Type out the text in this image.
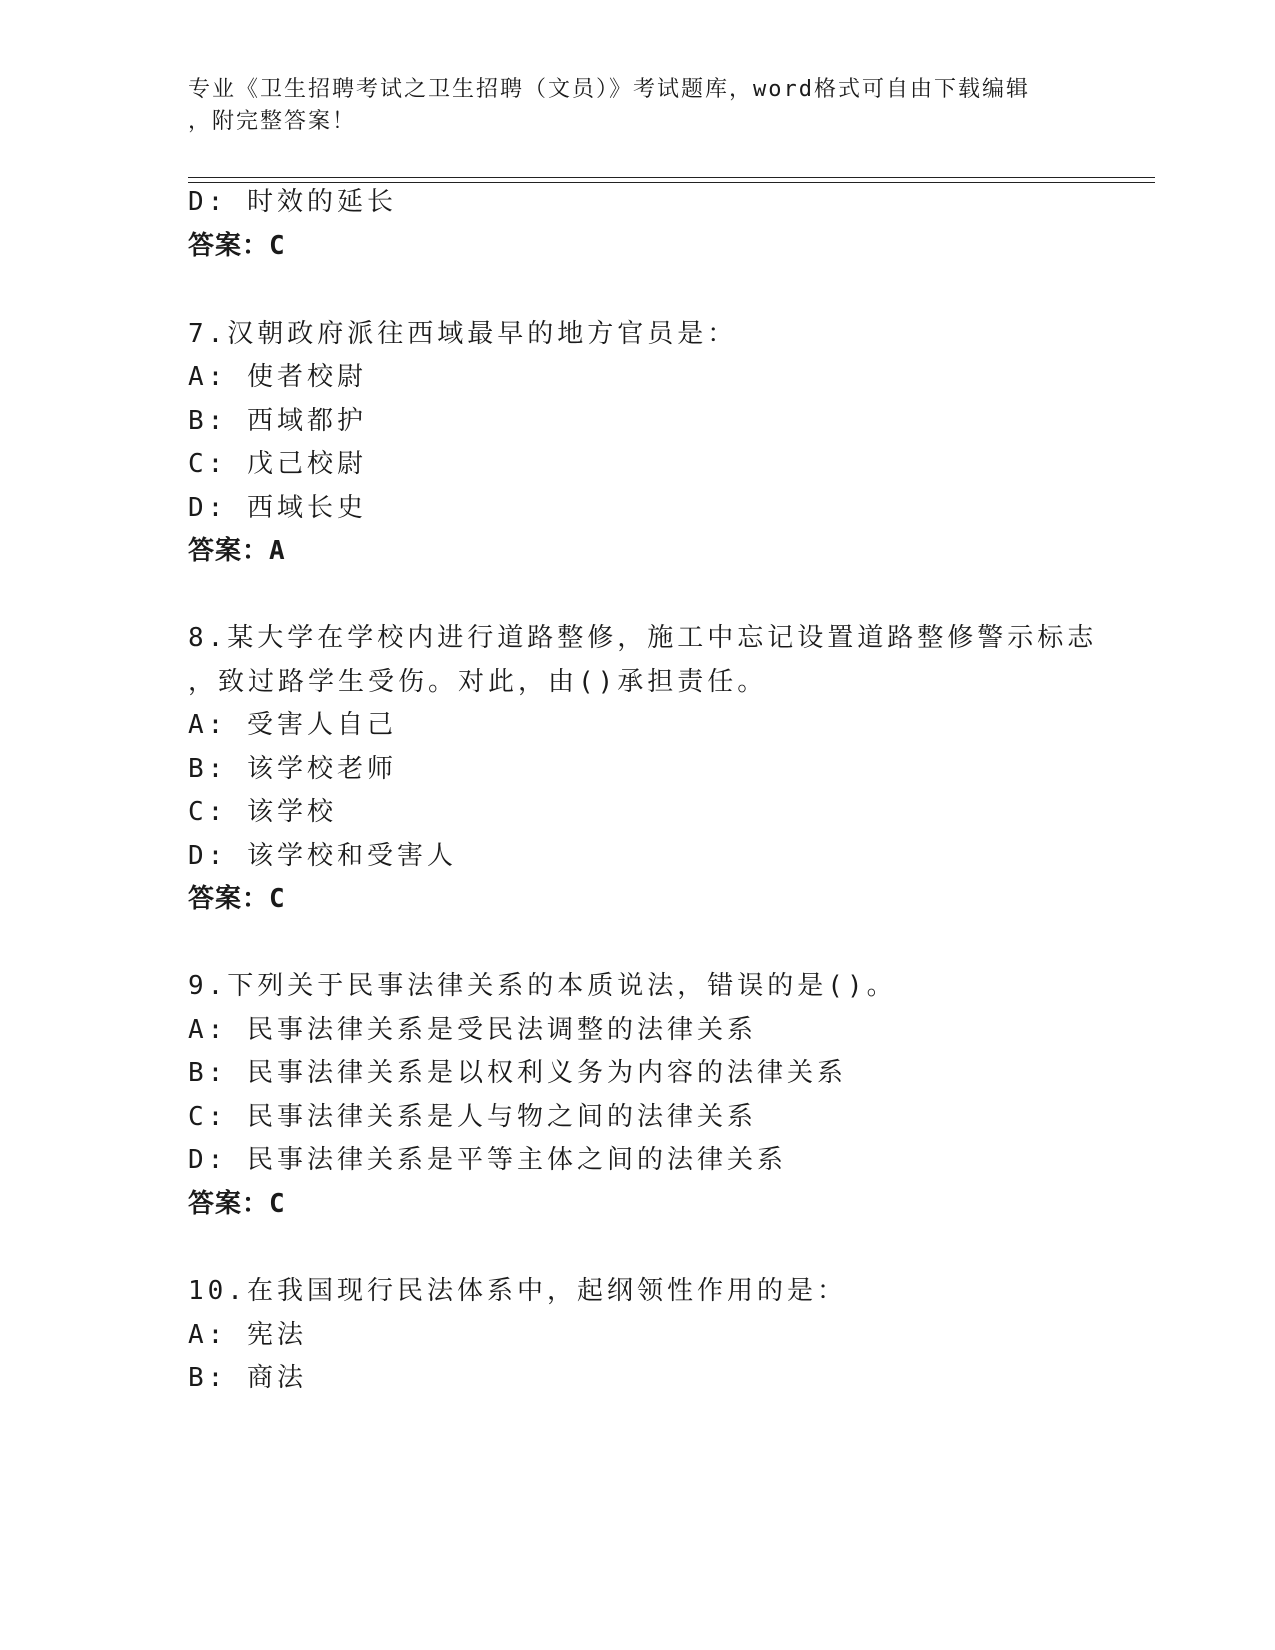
专业《卫生招聘考试之卫生招聘（文员）》考试题库，word格式可自由下载编辑
，附完整答案！
D: 时效的延长
答案：C
7.汉朝政府派往西域最早的地方官员是：
A: 使者校尉
B: 西域都护
C: 戊己校尉
D: 西域长史
答案：A
8.某大学在学校内进行道路整修，施工中忘记设置道路整修警示标志
，致过路学生受伤。对此，由()承担责任。
A: 受害人自己
B: 该学校老师
C: 该学校
D: 该学校和受害人
答案：C
9.下列关于民事法律关系的本质说法，错误的是()。
A: 民事法律关系是受民法调整的法律关系
B: 民事法律关系是以权利义务为内容的法律关系
C: 民事法律关系是人与物之间的法律关系
D: 民事法律关系是平等主体之间的法律关系
答案：C
10.在我国现行民法体系中，起纲领性作用的是：
A: 宪法
B: 商法
